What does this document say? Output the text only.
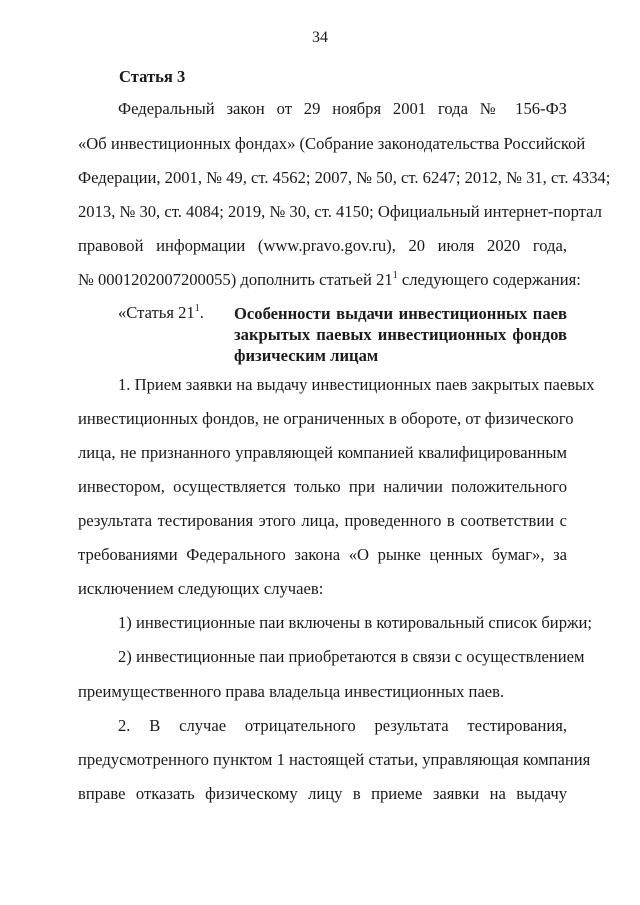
34
Статья 3
Федеральный закон от 29 ноября 2001 года № 156-ФЗ
«Об инвестиционных фондах» (Собрание законодательства Российской
Федерации, 2001, № 49, ст. 4562; 2007, № 50, ст. 6247; 2012, № 31, ст. 4334;
2013, № 30, ст. 4084; 2019, № 30, ст. 4150; Официальный интернет-портал
правовой информации (www.pravo.gov.ru), 20 июля 2020 года,
№ 0001202007200055) дополнить статьей $21^1$ следующего содержания:
«Статья $21^1$. Особенности выдачи инвестиционных паев
закрытых паевых инвестиционных фондов
физическим лицам
1. Прием заявки на выдачу инвестиционных паев закрытых паевых
инвестиционных фондов, не ограниченных в обороте, от физического
лица, не признанного управляющей компанией квалифицированным
инвестором, осуществляется только при наличии положительного
результата тестирования этого лица, проведенного в соответствии с
требованиями Федерального закона «О рынке ценных бумаг», за
исключением следующих случаев:
1) инвестиционные паи включены в котировальный список биржи;
2) инвестиционные паи приобретаются в связи с осуществлением
преимущественного права владельца инвестиционных паев.
2. В случае отрицательного результата тестирования,
предусмотренного пунктом 1 настоящей статьи, управляющая компания
вправе отказать физическому лицу в приеме заявки на выдачу
